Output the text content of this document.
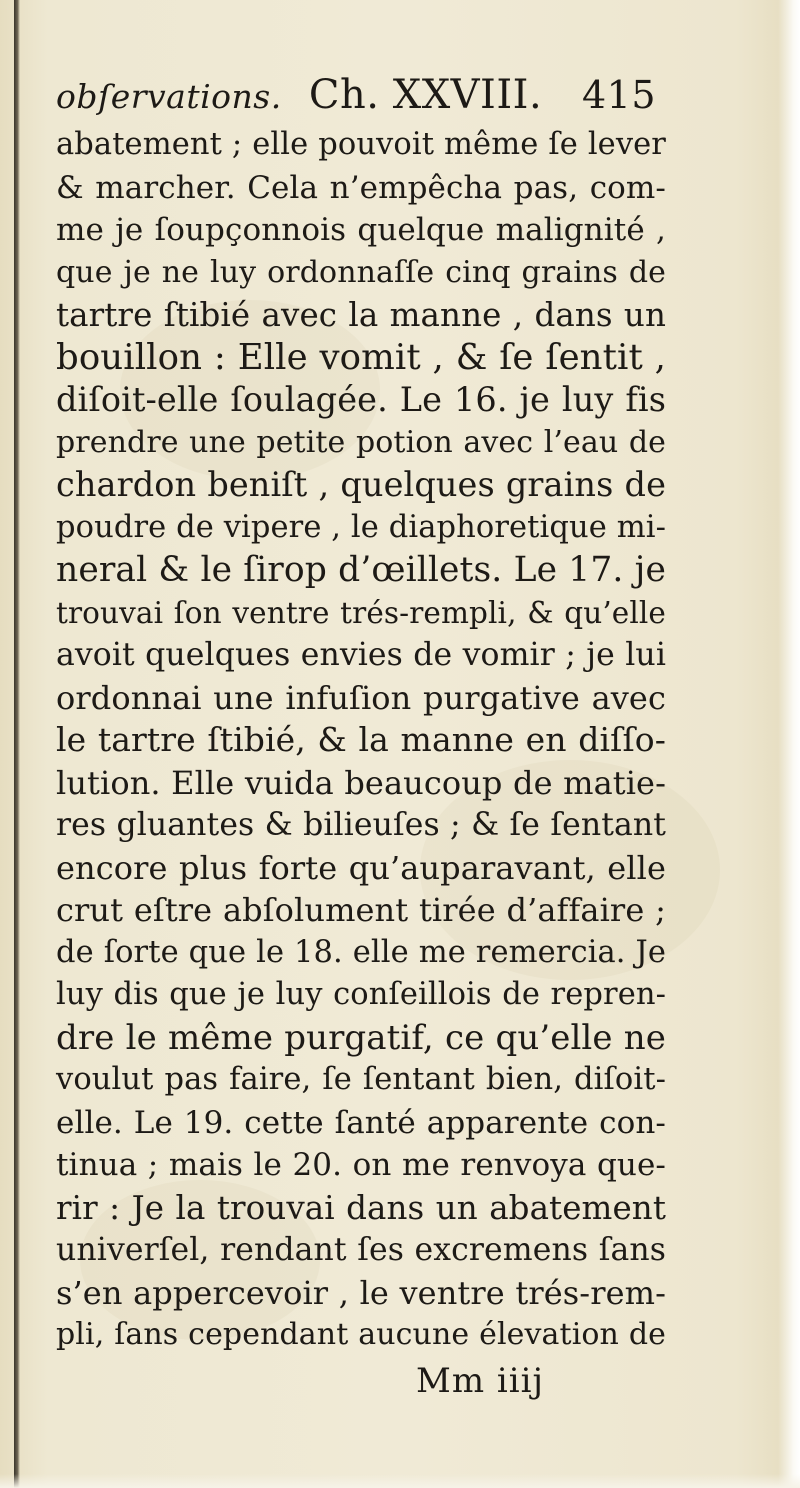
obſervations. Ch. XXVIII. 415
abatement ; elle pouvoit même ſe lever
& marcher. Cela n’empêcha pas, com-
me je ſoupçonnois quelque malignité ,
que je ne luy ordonnaſſe cinq grains de
tartre ſtibié avec la manne , dans un
bouillon : Elle vomit , & ſe ſentit ,
diſoit-elle ſoulagée. Le 16. je luy fis
prendre une petite potion avec l’eau de
chardon beniſt , quelques grains de
poudre de vipere , le diaphoretique mi-
neral & le ſirop d’œillets. Le 17. je
trouvai ſon ventre trés-rempli, & qu’elle
avoit quelques envies de vomir ; je lui
ordonnai une infuſion purgative avec
le tartre ſtibié, & la manne en diſſo-
lution. Elle vuida beaucoup de matie-
res gluantes & bilieuſes ; & ſe ſentant
encore plus forte qu’auparavant, elle
crut eſtre abſolument tirée d’affaire ;
de ſorte que le 18. elle me remercia. Je
luy dis que je luy conſeillois de repren-
dre le même purgatif, ce qu’elle ne
voulut pas faire, ſe ſentant bien, diſoit-
elle. Le 19. cette ſanté apparente con-
tinua ; mais le 20. on me renvoya que-
rir : Je la trouvai dans un abatement
univerſel, rendant ſes excremens ſans
s’en appercevoir , le ventre trés-rem-
pli, ſans cependant aucune élevation de
Mm iiij
